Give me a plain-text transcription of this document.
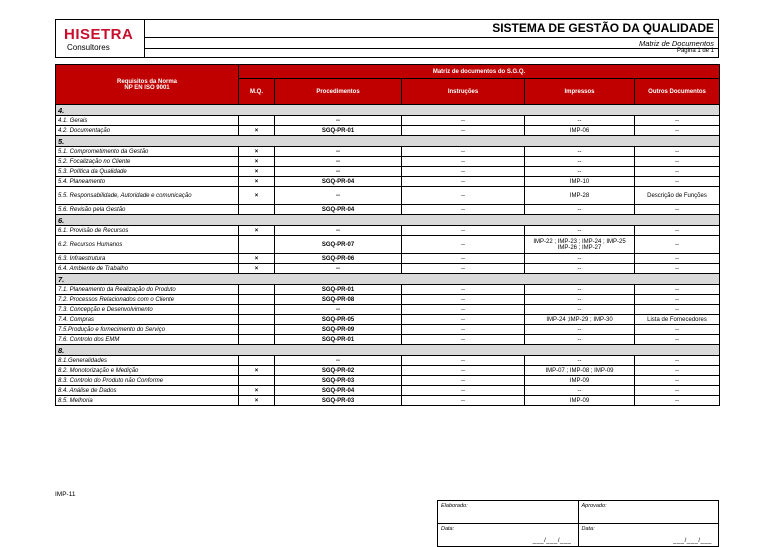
HISETRA
Consultores
SISTEMA DE GESTÃO DA QUALIDADE
Matriz de Documentos
Página 1 de 1
Requisitos da Norma
NP EN ISO 9001	Matriz de documentos do S.G.Q.				
	M.Q.	Procedimentos	Instruções	Impressos	Outros Documentos
4.					
4.1. Gerais		--	--	--	--
4.2. Documentação	×	SGQ-PR-01	--	IMP-06	--
5.					
5.1. Comprometimento da Gestão	×	--	--	--	--
5.2. Focalização no Cliente	×	--	--	--	--
5.3. Política da Qualidade	×	--	--	--	--
5.4. Planeamento	×	SGQ-PR-04	--	IMP-10	--
5.5. Responsabilidade, Autoridade e comunicação	×	--	--	IMP-28	Descrição de Funções
5.6. Revisão pela Gestão		SGQ-PR-04	--	--	--
6.					
6.1. Provisão de Recursos	×	--	--	--	--
6.2. Recursos Humanos		SGQ-PR-07	--	IMP-22 ; IMP-23 ; IMP-24 ; IMP-25 IMP-26 ; IMP-27	--
6.3. Infraestrutura	×	SGQ-PR-06	--	--	--
6.4. Ambiente de Trabalho	×	--	--	--	--
7.					
7.1. Planeamento da Realização do Produto		SGQ-PR-01	--	--	--
7.2. Processos Relacionados com o Cliente		SGQ-PR-08	--	--	--
7.3. Concepção e Desenvolvimento		--	--	--	--
7.4. Compras		SGQ-PR-05	--	IMP-24 ;IMP-29 ; IMP-30	Lista de Fornecedores
7.5.Produção e fornecimento do Serviço		SGQ-PR-09	--	--	--
7.6. Controlo dos EMM		SGQ-PR-01	--	--	--
8.					
8.1.Generalidades		--	--	--	--
8.2. Monotorização e Medição	×	SGQ-PR-02	--	IMP-07 ; IMP-08 ; IMP-09	--
8.3. Controlo do Produto não Conforme		SGQ-PR-03	--	IMP-09	--
8.4. Análise de Dados	×	SGQ-PR-04	--	--	--
8.5. Melhoria	×	SGQ-PR-03	--	IMP-09	--
IMP-11
Elaborado:	Aprovado:
Data:
___/___/___	Data:
___/___/___
